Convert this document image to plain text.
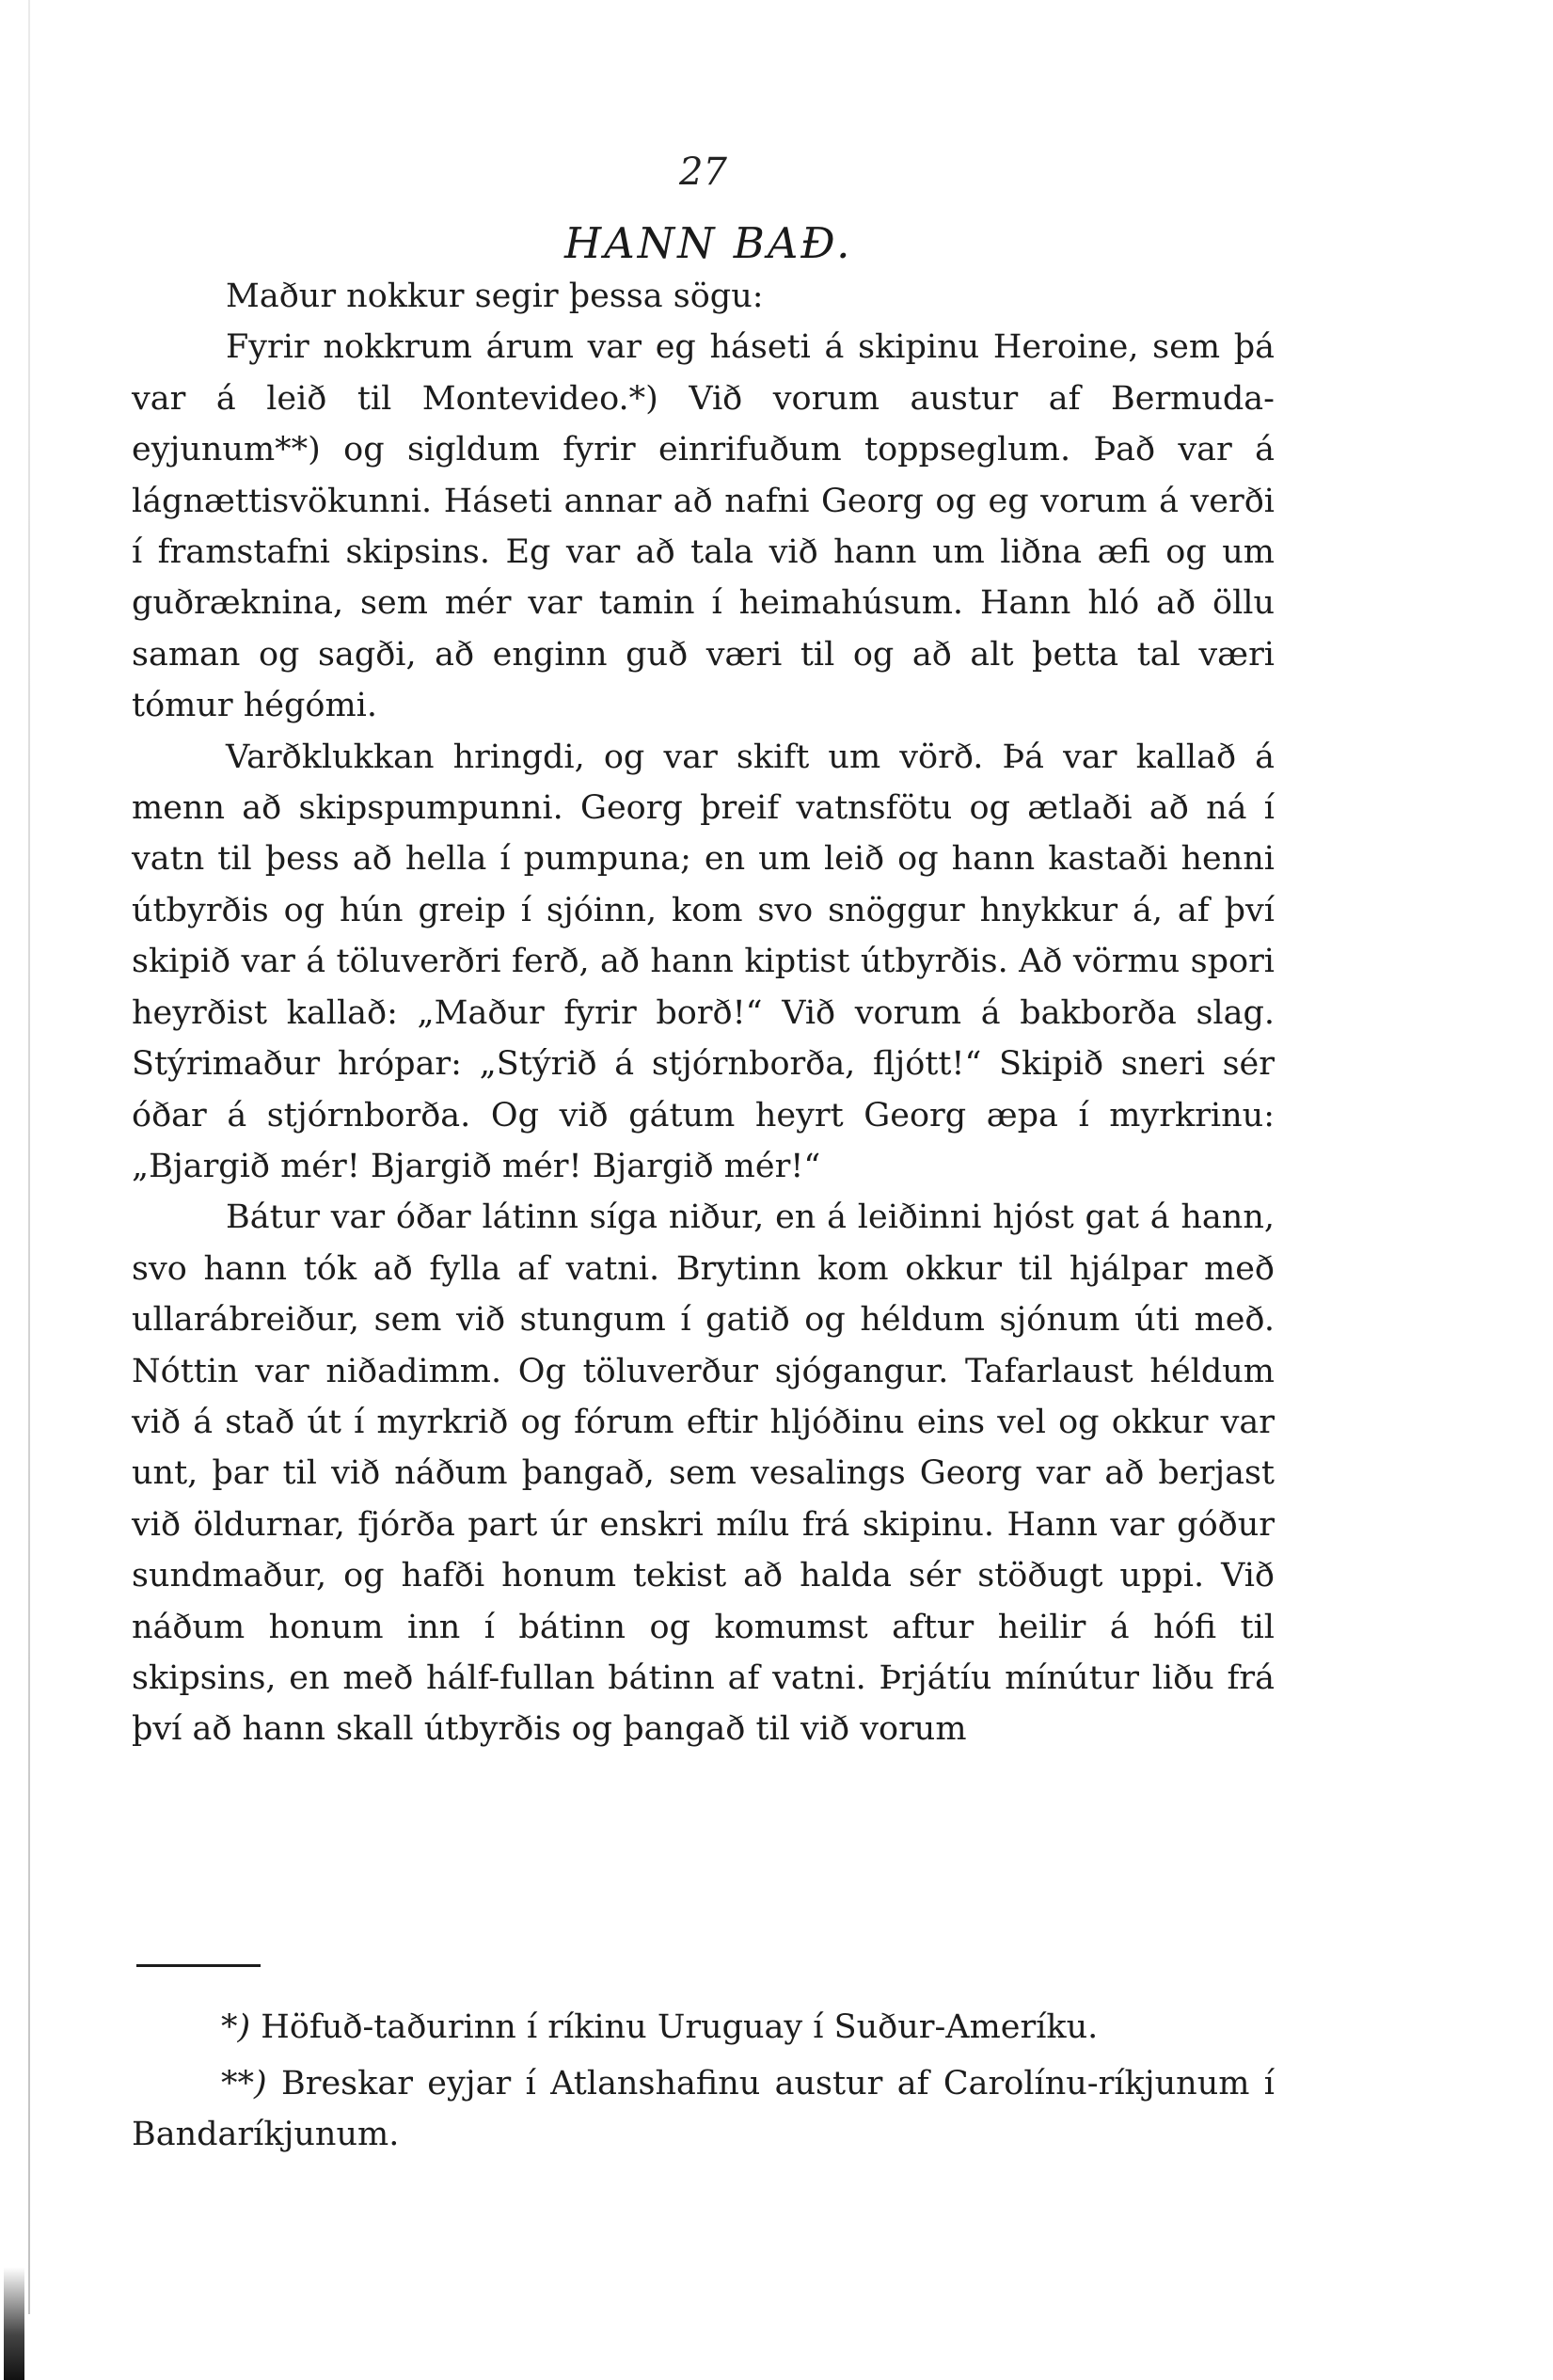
27
HANN BAÐ.

Maður nokkur segir þessa sögu:

Fyrir nokkrum árum var eg háseti á skipinu Heroine, sem þá var á leið til Montevideo.*) Við vorum austur af Bermuda-eyjunum**) og sigldum fyrir einrifuðum toppseglum. Það var á lágnættisvökunni. Háseti annar að nafni Georg og eg vorum á verði í framstafni skipsins. Eg var að tala við hann um liðna æfi og um guðrækninа, sem mér var tamin í heimahúsum. Hann hló að öllu saman og sagði, að enginn guð væri til og að alt þetta tal væri tómur hégómi.

Varðklukkan hringdi, og var skift um vörð. Þá var kallað á menn að skipspumpunni. Georg þreif vatnsfötu og ætlaði að ná í vatn til þess að hella í pumpuna; en um leið og hann kastaði henni útbyrðis og hún greip í sjóinn, kom svo snöggur hnykkur á, af því skipið var á töluverðri ferð, að hann kiptist útbyrðis. Að vörmu spori heyrðist kallað: „Maður fyrir borð!“ Við vorum á bakborða slag. Stýrimaður hrópar: „Stýrið á stjórnborða, fljótt!“ Skipið sneri sér óðar á stjórnborða. Og við gátum heyrt Georg æpa í myrkrinu: „Bjargið mér! Bjargið mér! Bjargið mér!“

Bátur var óðar látinn síga niður, en á leiðinni hjóst gat á hann, svo hann tók að fylla af vatni. Brytinn kom okkur til hjálpar með ullarábreiður, sem við stungum í gatið og héldum sjónum úti með. Nóttin var niðadimm. Og töluverður sjógangur. Tafarlaust héldum við á stað út í myrkrið og fórum eftir hljóðinu eins vel og okkur var unt, þar til við náðum þangað, sem vesalings Georg var að berjast við öldurnar, fjórða part úr enskri mílu frá skipinu. Hann var góður sundmaður, og hafði honum tekist að halda sér stöðugt uppi. Við náðum honum inn í bátinn og komumst aftur heilir á hófi til skipsins, en með hálf-fullan bátinn af vatni. Þrjátíu mínútur liðu frá því að hann skall útbyrðis og þangað til við vorum

*) Höfuð-taðurinn í ríkinu Uruguay í Suður-Ameríku.

**) Breskar eyjar í Atlanshafinu austur af Carolínu-ríkjunum í Bandaríkjunum.
